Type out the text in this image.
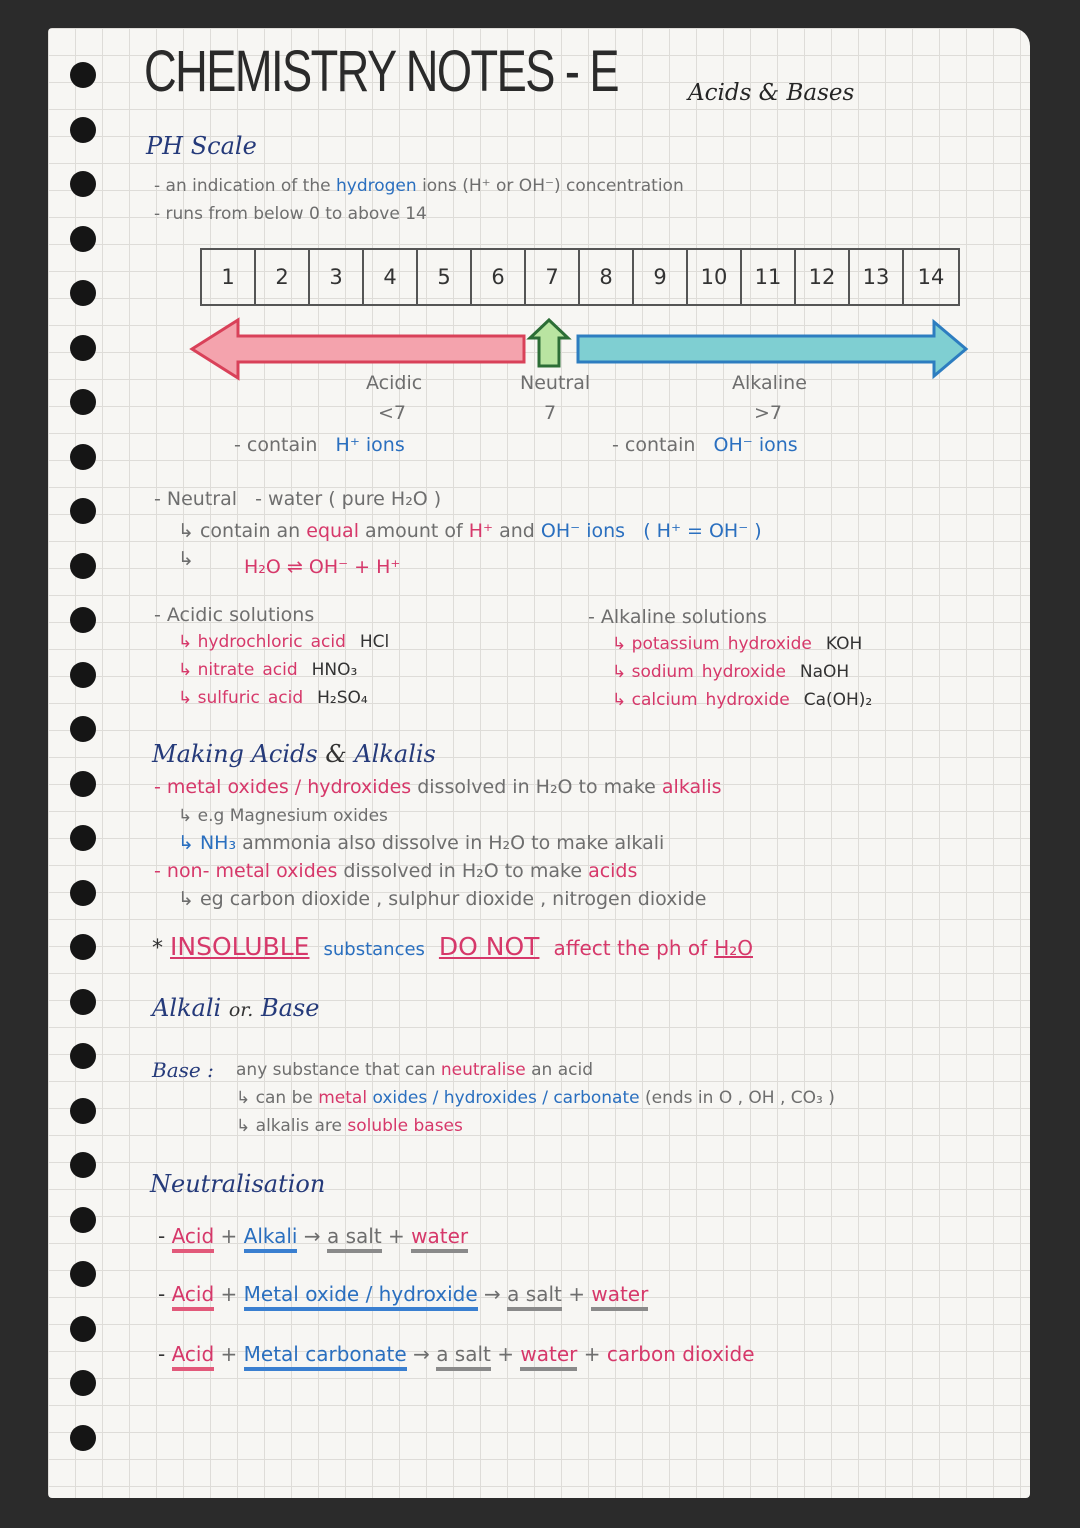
CHEMISTRY NOTES - E	Acids & Bases
PH Scale
- an indication of the hydrogen ions (H⁺ or OH⁻) concentration
- runs from below 0 to above 14
1	2	3	4	5	6	7	8	9	10	11	12	13	14
Acidic
<7
Neutral
7
Alkaline
>7
- contain H⁺ ions	- contain OH⁻ ions
- Neutral - water ( pure H₂O )
↳ contain an equal amount of H⁺ and OH⁻ ions ( H⁺ = OH⁻ )
↳	H₂O ⇌ OH⁻ + H⁺
- Acidic solutions
↳ hydrochloric acid HCl
↳ nitrate acid HNO₃
↳ sulfuric acid H₂SO₄
- Alkaline solutions
↳ potassium hydroxide KOH
↳ sodium hydroxide NaOH
↳ calcium hydroxide Ca(OH)₂
Making Acids & Alkalis
- metal oxides / hydroxides dissolved in H₂O to make alkalis
↳ e.g Magnesium oxides
↳ NH₃ ammonia also dissolve in H₂O to make alkali
- non- metal oxides dissolved in H₂O to make acids
↳ eg carbon dioxide , sulphur dioxide , nitrogen dioxide
* INSOLUBLE substances DO NOT affect the ph of H₂O
Alkali or. Base
Base : any substance that can neutralise an acid
↳ can be metal oxides / hydroxides / carbonate (ends in O , OH , CO₃ )
↳ alkalis are soluble bases
Neutralisation
- Acid + Alkali → a salt + water
- Acid + Metal oxide / hydroxide → a salt + water
- Acid + Metal carbonate → a salt + water + carbon dioxide
